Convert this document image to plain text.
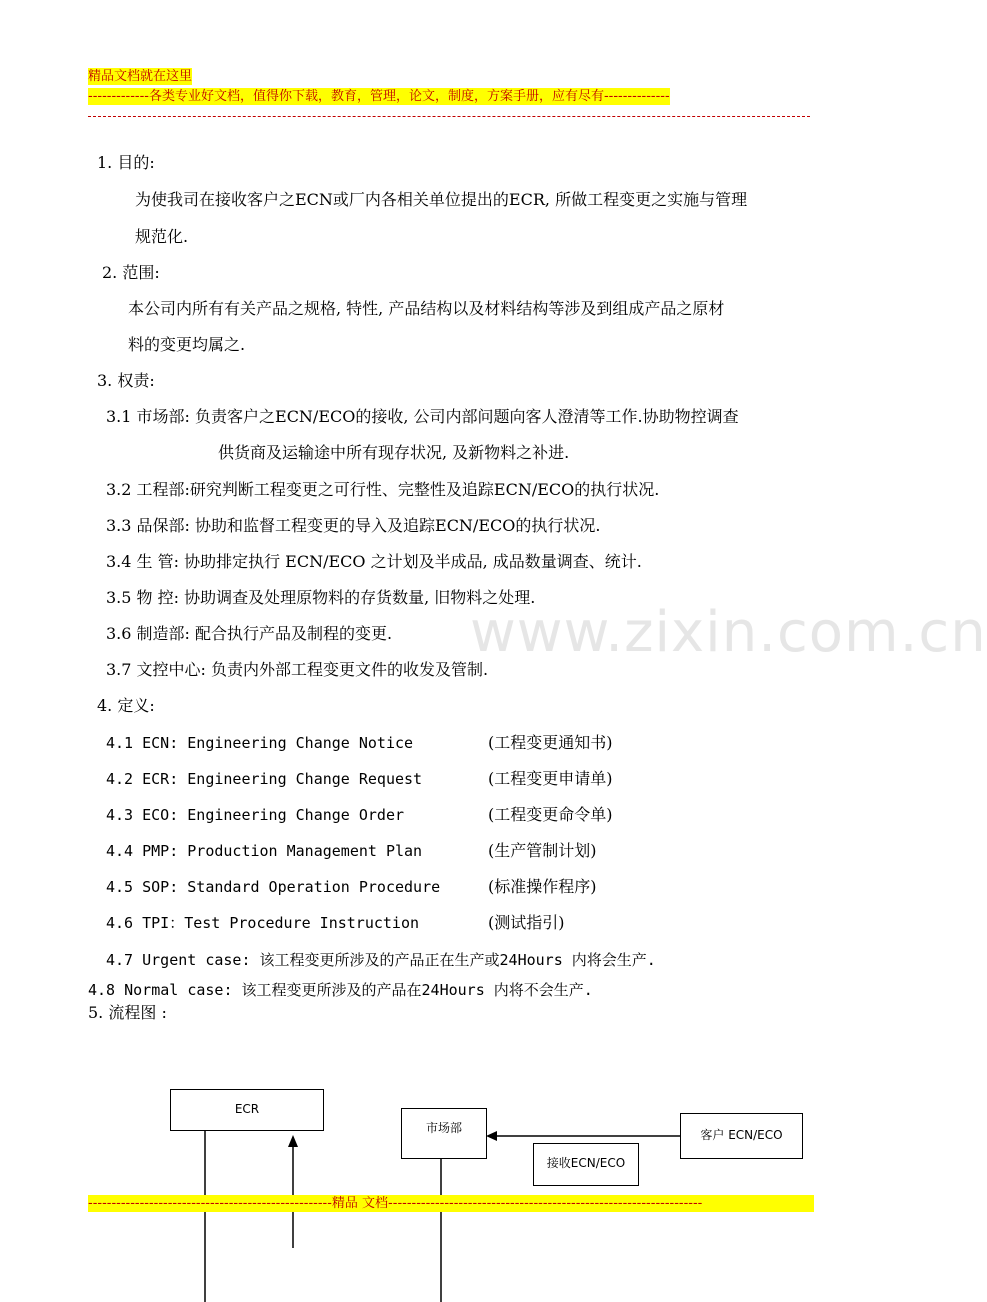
精品文档就在这里
-------------各类专业好文档，值得你下载，教育，管理，论文，制度，方案手册，应有尽有--------------
www.zixin.com.cn
1. 目的:
为使我司在接收客户之ECN或厂内各相关单位提出的ECR, 所做工程变更之实施与管理
规范化.
2. 范围:
本公司内所有有关产品之规格, 特性, 产品结构以及材料结构等涉及到组成产品之原材
料的变更均属之.
3. 权责:
3.1 市场部: 负责客户之ECN/ECO的接收, 公司内部问题向客人澄清等工作.协助物控调查
供货商及运输途中所有现存状况, 及新物料之补进.
3.2 工程部:研究判断工程变更之可行性、完整性及追踪ECN/ECO的执行状况.
3.3 品保部: 协助和监督工程变更的导入及追踪ECN/ECO的执行状况.
3.4 生 管: 协助排定执行 ECN/ECO 之计划及半成品, 成品数量调查、统计.
3.5 物 控: 协助调查及处理原物料的存货数量, 旧物料之处理.
3.6 制造部: 配合执行产品及制程的变更.
3.7 文控中心: 负责内外部工程变更文件的收发及管制.
4. 定义:
4.1 ECN: Engineering Change Notice	(工程变更通知书)
4.2 ECR: Engineering Change Request	(工程变更申请单)
4.3 ECO: Engineering Change Order	(工程变更命令单)
4.4 PMP: Production Management Plan	(生产管制计划)
4.5 SOP: Standard Operation Procedure	(标准操作程序)
4.6 TPI：Test Procedure Instruction	(测试指引)
4.7 Urgent case: 该工程变更所涉及的产品正在生产或24Hours 内将会生产.
4.8 Normal case: 该工程变更所涉及的产品在24Hours 内将不会生产.
5. 流程图 :
ECR
市场部	客户 ECN/ECO
接收ECN/ECO
----------------------------------------------------精品 文档-------------------------------------------------------------------
